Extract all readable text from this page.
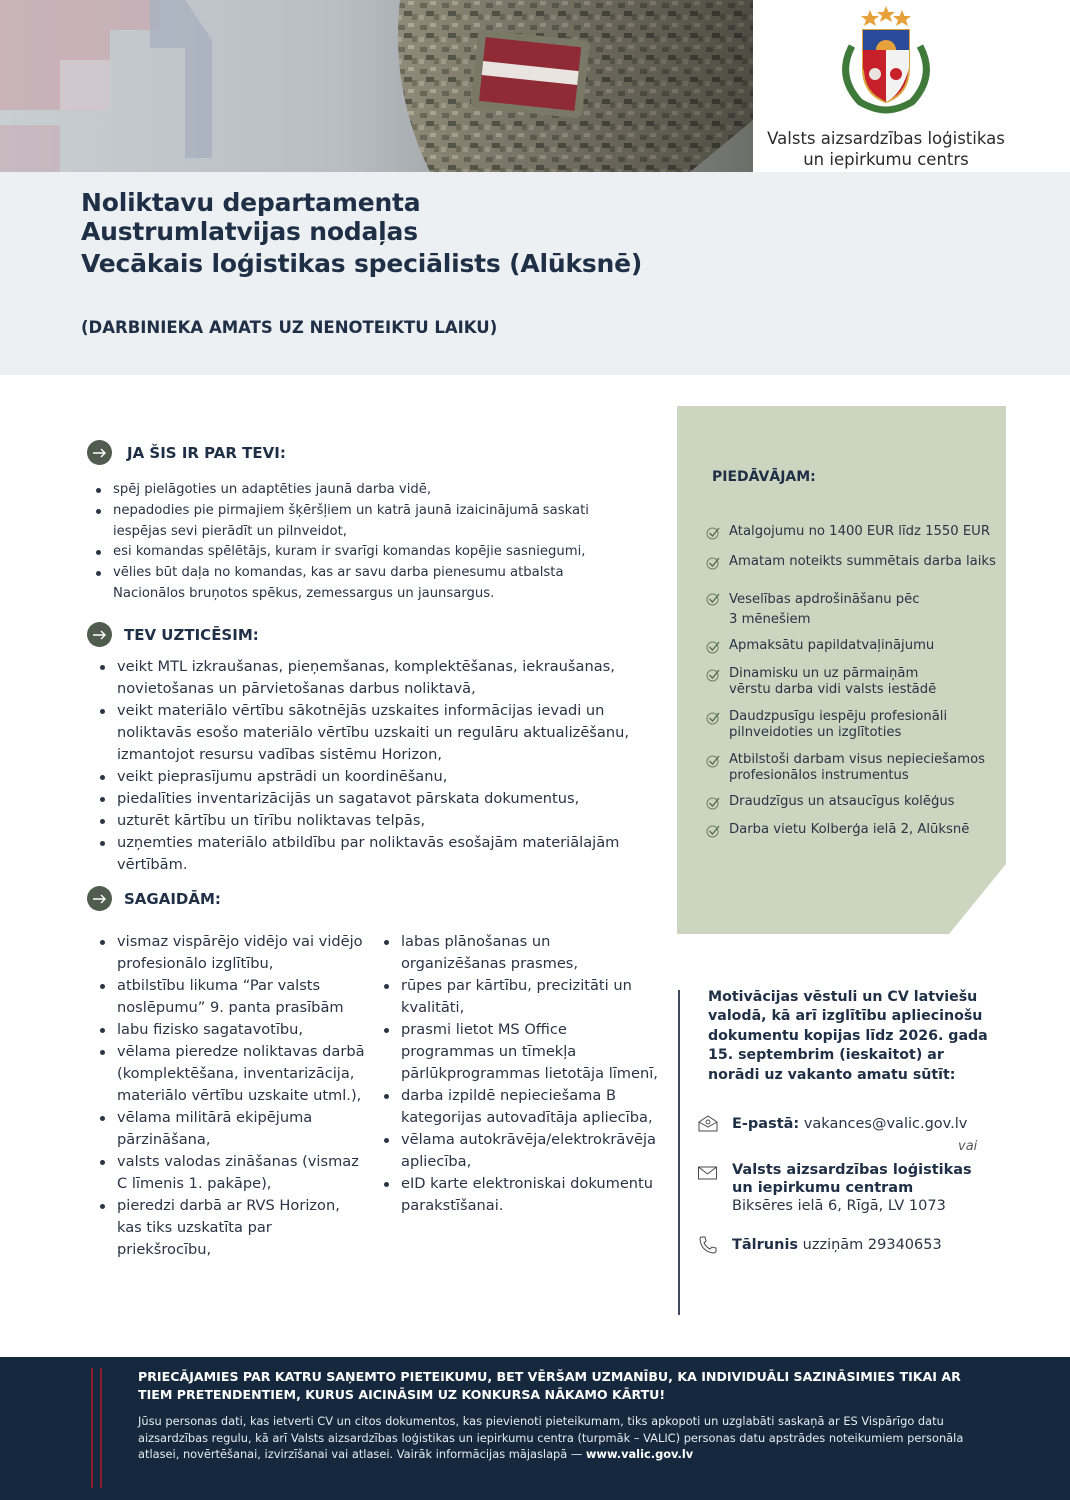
Valsts aizsardzības loģistikas
un iepirkumu centrs
Noliktavu departamenta
Austrumlatvijas nodaļas
Vecākais loģistikas speciālists (Alūksnē)
(DARBINIEKA AMATS UZ NENOTEIKTU LAIKU)
JA ŠIS IR PAR TEVI:
spēj pielāgoties un adaptēties jaunā darba vidē,
nepadodies pie pirmajiem šķēršļiem un katrā jaunā izaicinājumā saskati iespējas sevi pierādīt un pilnveidot,
esi komandas spēlētājs, kuram ir svarīgi komandas kopējie sasniegumi,
vēlies būt daļa no komandas, kas ar savu darba pienesumu atbalsta Nacionālos bruņotos spēkus, zemessargus un jaunsargus.
TEV UZTICĒSIM:
veikt MTL izkraušanas, pieņemšanas, komplektēšanas, iekraušanas, novietošanas un pārvietošanas darbus noliktavā,
veikt materiālo vērtību sākotnējās uzskaites informācijas ievadi un noliktavās esošo materiālo vērtību uzskaiti un regulāru aktualizēšanu, izmantojot resursu vadības sistēmu Horizon,
veikt pieprasījumu apstrādi un koordinēšanu,
piedalīties inventarizācijās un sagatavot pārskata dokumentus,
uzturēt kārtību un tīrību noliktavas telpās,
uzņemties materiālo atbildību par noliktavās esošajām materiālajām vērtībām.
SAGAIDĀM:
vismaz vispārējo vidējo vai vidējo profesionālo izglītību,
atbilstību likuma “Par valsts noslēpumu” 9. panta prasībām
labu fizisko sagatavotību,
vēlama pieredze noliktavas darbā (komplektēšana, inventarizācija, materiālo vērtību uzskaite utml.),
vēlama militārā ekipējuma pārzināšana,
valsts valodas zināšanas (vismaz C līmenis 1. pakāpe),
pieredzi darbā ar RVS Horizon, kas tiks uzskatīta par priekšrocību,
labas plānošanas un organizēšanas prasmes,
rūpes par kārtību, precizitāti un kvalitāti,
prasmi lietot MS Office programmas un tīmekļa pārlūkprogrammas lietotāja līmenī,
darba izpildē nepieciešama B kategorijas autovadītāja apliecība,
vēlama autokrāvēja/elektrokrāvēja apliecība,
eID karte elektroniskai dokumentu parakstīšanai.
PIEDĀVĀJAM:
Atalgojumu no 1400 EUR līdz 1550 EUR
Amatam noteikts summētais darba laiks
Veselības apdrošināšanu pēc 3 mēnešiem
Apmaksātu papildatvaļinājumu
Dinamisku un uz pārmaiņām vērstu darba vidi valsts iestādē
Daudzpusīgu iespēju profesionāli pilnveidoties un izglītoties
Atbilstoši darbam visus nepieciešamos profesionālos instrumentus
Draudzīgus un atsaucīgus kolēģus
Darba vietu Kolberģa ielā 2, Alūksnē
Motivācijas vēstuli un CV latviešu valodā, kā arī izglītību apliecinošu dokumentu kopijas līdz 2026. gada 15. septembrim (ieskaitot) ar norādi uz vakanto amatu sūtīt:
E-pastā: vakances@valic.gov.lv
vai
Valsts aizsardzības loģistikas un iepirkumu centram
Biksēres ielā 6, Rīgā, LV 1073
Tālrunis uzziņām 29340653
PRIECĀJAMIES PAR KATRU SAŅEMTO PIETEIKUMU, BET VĒRŠAM UZMANĪBU, KA INDIVIDUĀLI SAZINĀSIMIES TIKAI AR TIEM PRETENDENTIEM, KURUS AICINĀSIM UZ KONKURSA NĀKAMO KĀRTU!
Jūsu personas dati, kas ietverti CV un citos dokumentos, kas pievienoti pieteikumam, tiks apkopoti un uzglabāti saskaņā ar ES Vispārīgo datu aizsardzības regulu, kā arī Valsts aizsardzības loģistikas un iepirkumu centra (turpmāk – VALIC) personas datu apstrādes noteikumiem personāla atlasei, novērtēšanai, izvirzīšanai vai atlasei. Vairāk informācijas mājaslapā — www.valic.gov.lv
